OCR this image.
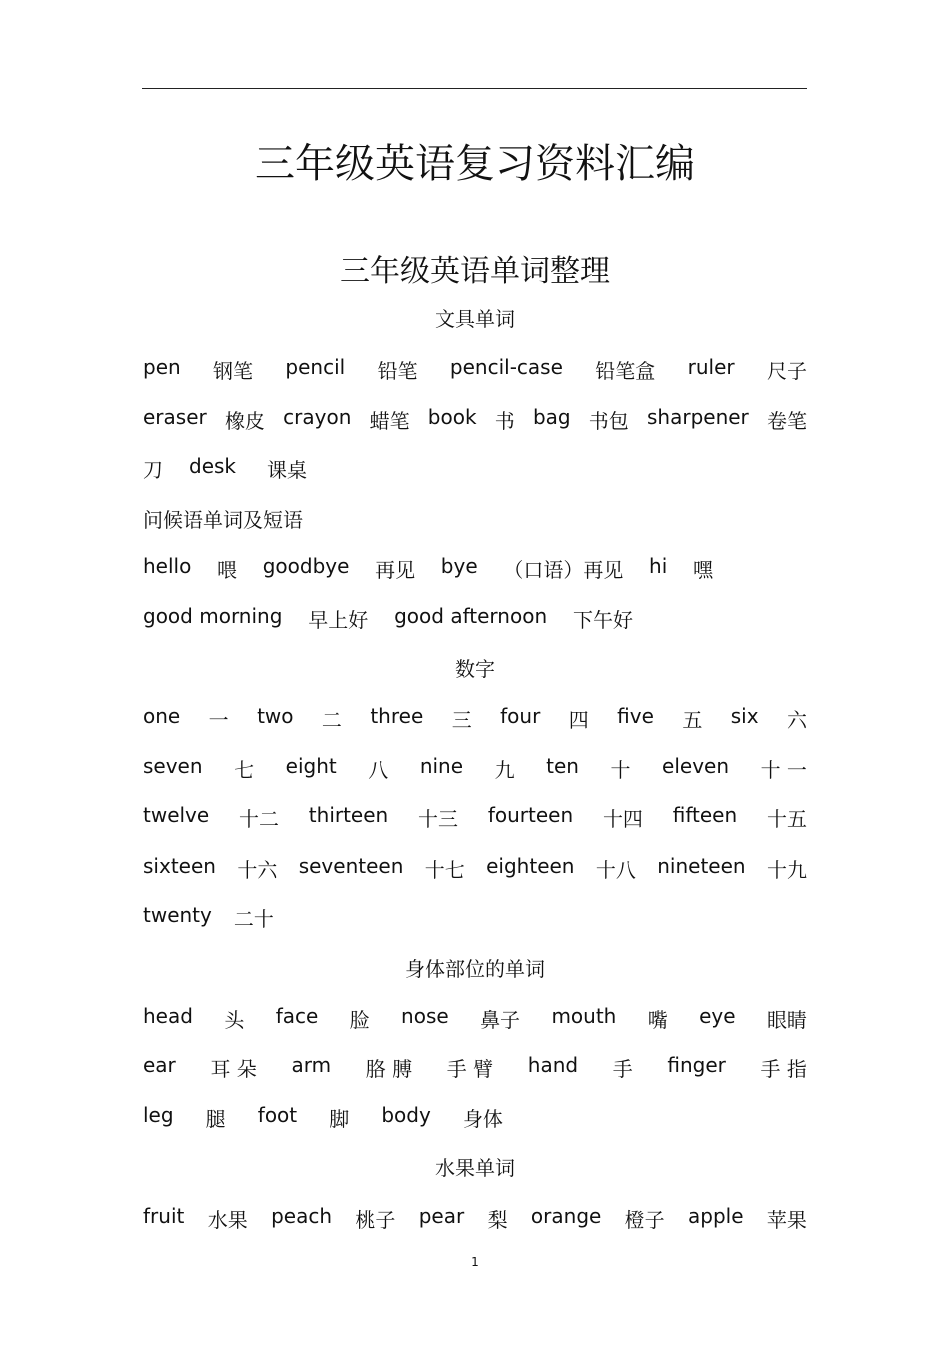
三年级英语复习资料汇编
三年级英语单词整理
文具单词
pen 钢笔 pencil 铅笔 pencil-case 铅笔盒 ruler 尺子
eraser 橡皮 crayon 蜡笔 book 书 bag 书包 sharpener 卷笔
刀	desk	课桌
问候语单词及短语
hello 喂 goodbye 再见 bye （口语）再见 hi 嘿
good morning 早上好 good afternoon 下午好
数字
one 一 two 二 three 三 four 四 five 五 six 六
seven 七 eight 八 nine 九 ten 十 eleven 十 一
twelve 十二 thirteen 十三 fourteen 十四 fifteen 十五
sixteen 十六 seventeen 十七 eighteen 十八 nineteen 十九
twenty 二十
身体部位的单词
head 头 face 脸 nose 鼻子 mouth 嘴 eye 眼睛
ear 耳 朵 arm 胳 膊 手 臂 hand 手 finger 手 指
leg 腿 foot 脚 body 身体
水果单词
fruit 水果 peach 桃子 pear 梨 orange 橙子 apple 苹果
1
